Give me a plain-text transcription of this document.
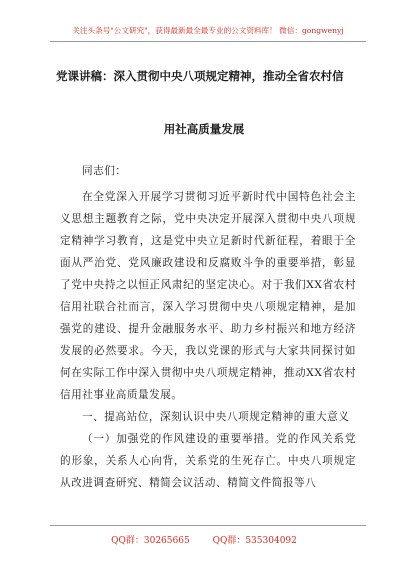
关注头条号"公文研究"，获得最新最全最专业的公文资料库！ 微信：gongwenyj
党课讲稿：深入贯彻中央八项规定精神，推动全省农村信
用社高质量发展

同志们：

在全党深入开展学习贯彻习近平新时代中国特色社会主义思想主题教育之际，党中央决定开展深入贯彻中央八项规定精神学习教育，这是党中央立足新时代新征程，着眼于全面从严治党、党风廉政建设和反腐败斗争的重要举措，彰显了党中央持之以恒正风肃纪的坚定决心。对于我们XX省农村信用社联合社而言，深入学习贯彻中央八项规定精神，是加强党的建设、提升金融服务水平、助力乡村振兴和地方经济发展的必然要求。今天，我以党课的形式与大家共同探讨如何在实际工作中深入贯彻中央八项规定精神，推动XX省农村信用社事业高质量发展。

一、提高站位，深刻认识中央八项规定精神的重大意义

（一）加强党的作风建设的重要举措。党的作风关系党的形象，关系人心向背，关系党的生死存亡。中央八项规定从改进调查研究、精简会议活动、精简文件简报等八

QQ群：30265665	QQ群：535304092
